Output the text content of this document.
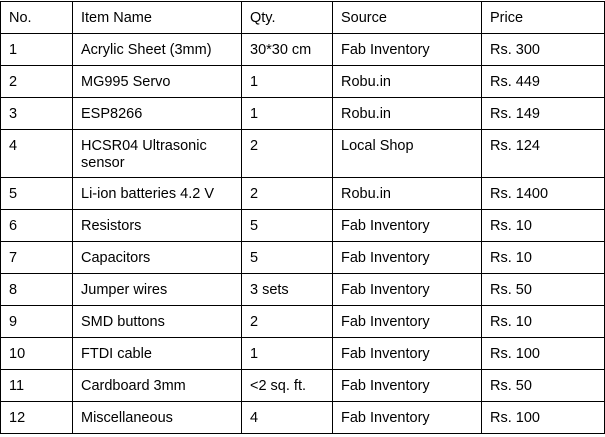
No.	Item Name	Qty.	Source	Price
1	Acrylic Sheet (3mm)	30*30 cm	Fab Inventory	Rs. 300
2	MG995 Servo	1	Robu.in	Rs. 449
3	ESP8266	1	Robu.in	Rs. 149
4	HCSR04 Ultrasonic sensor	2	Local Shop	Rs. 124
5	Li-ion batteries 4.2 V	2	Robu.in	Rs. 1400
6	Resistors	5	Fab Inventory	Rs. 10
7	Capacitors	5	Fab Inventory	Rs. 10
8	Jumper wires	3 sets	Fab Inventory	Rs. 50
9	SMD buttons	2	Fab Inventory	Rs. 10
10	FTDI cable	1	Fab Inventory	Rs. 100
11	Cardboard 3mm	<2 sq. ft.	Fab Inventory	Rs. 50
12	Miscellaneous	4	Fab Inventory	Rs. 100
